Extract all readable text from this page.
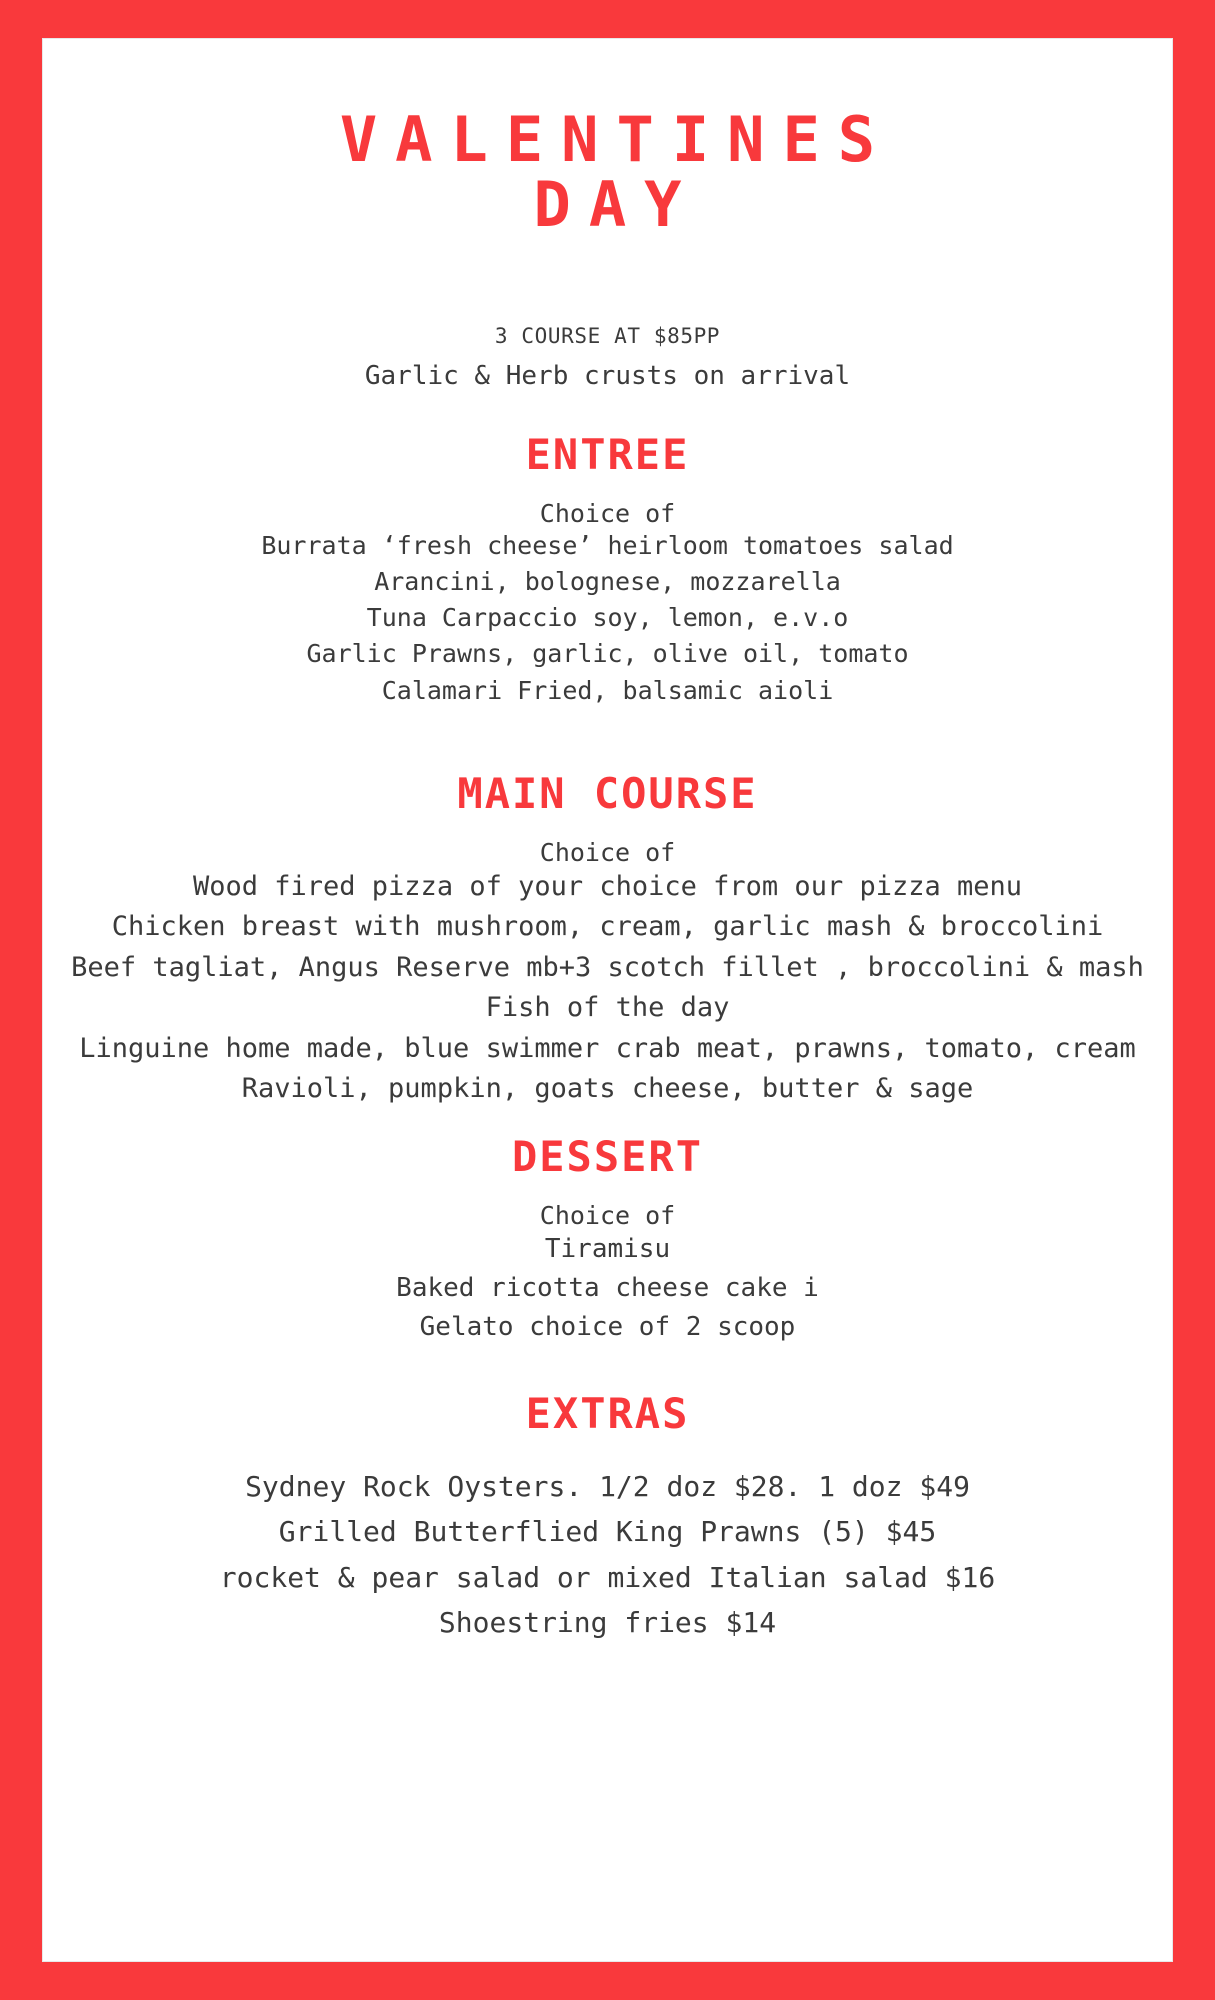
VALENTINES
DAY
3 COURSE AT $85PP
Garlic & Herb crusts on arrival
ENTREE
Choice of
Burrata ‘fresh cheese’ heirloom tomatoes salad
Arancini, bolognese, mozzarella
Tuna Carpaccio soy, lemon, e.v.o
Garlic Prawns, garlic, olive oil, tomato
Calamari Fried, balsamic aioli
MAIN COURSE
Choice of
Wood fired pizza of your choice from our pizza menu
Chicken breast with mushroom, cream, garlic mash & broccolini
Beef tagliat, Angus Reserve mb+3 scotch fillet , broccolini & mash
Fish of the day
Linguine home made, blue swimmer crab meat, prawns, tomato, cream
Ravioli, pumpkin, goats cheese, butter & sage
DESSERT
Choice of
Tiramisu
Baked ricotta cheese cake i
Gelato choice of 2 scoop
EXTRAS
Sydney Rock Oysters. 1/2 doz $28. 1 doz $49
Grilled Butterflied King Prawns (5) $45
rocket & pear salad or mixed Italian salad $16
Shoestring fries $14
